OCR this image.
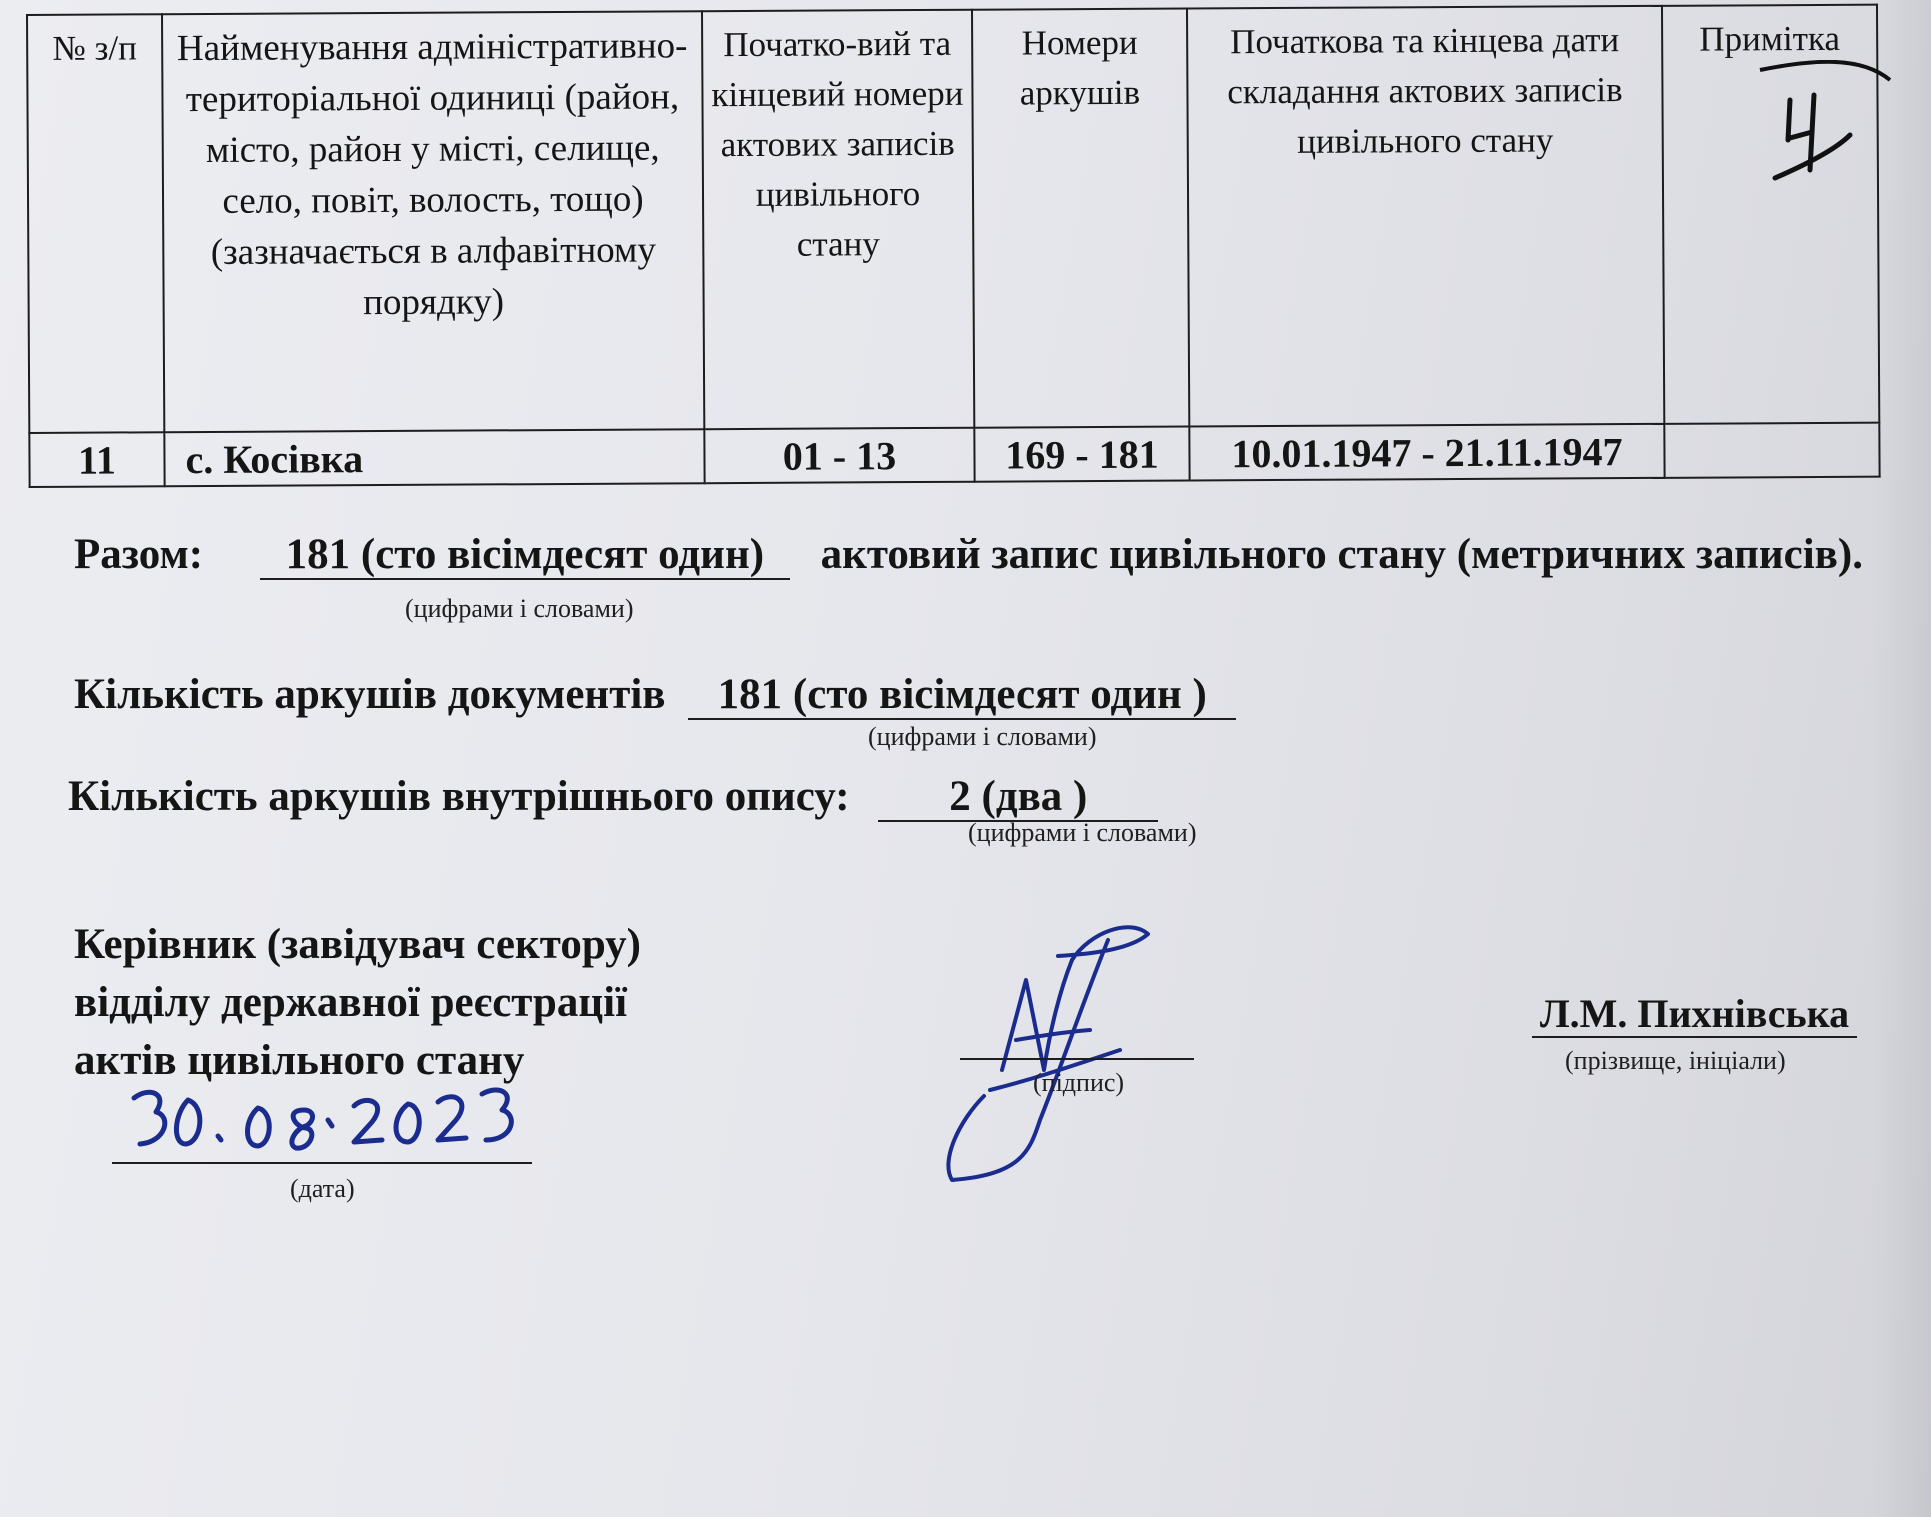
№ з/п	Найменування адміністративно-територіальної одиниці (район, місто, район у місті, селище, село, повіт, волость, тощо) (зазначається в алфавітному порядку)	Початко-вий та кінцевий номери актових записів цивільного стану	Номери аркушів	Початкова та кінцева дати складання актових записів цивільного стану	Примітка
11	с. Косівка	01 - 13	169 - 181	10.01.1947 - 21.11.1947	
Разом: 181 (сто вісімдесят один) актовий запис цивільного стану (метричних записів).
(цифрами і словами)
Кількість аркушів документів 181 (сто вісімдесят один )
(цифрами і словами)
Кількість аркушів внутрішнього опису: 2 (два )
(цифрами і словами)
Керівник (завідувач сектору)
відділу державної реєстрації
актів цивільного стану
(дата)
(підпис)
Л.М. Пихнівська
(прізвище, ініціали)
